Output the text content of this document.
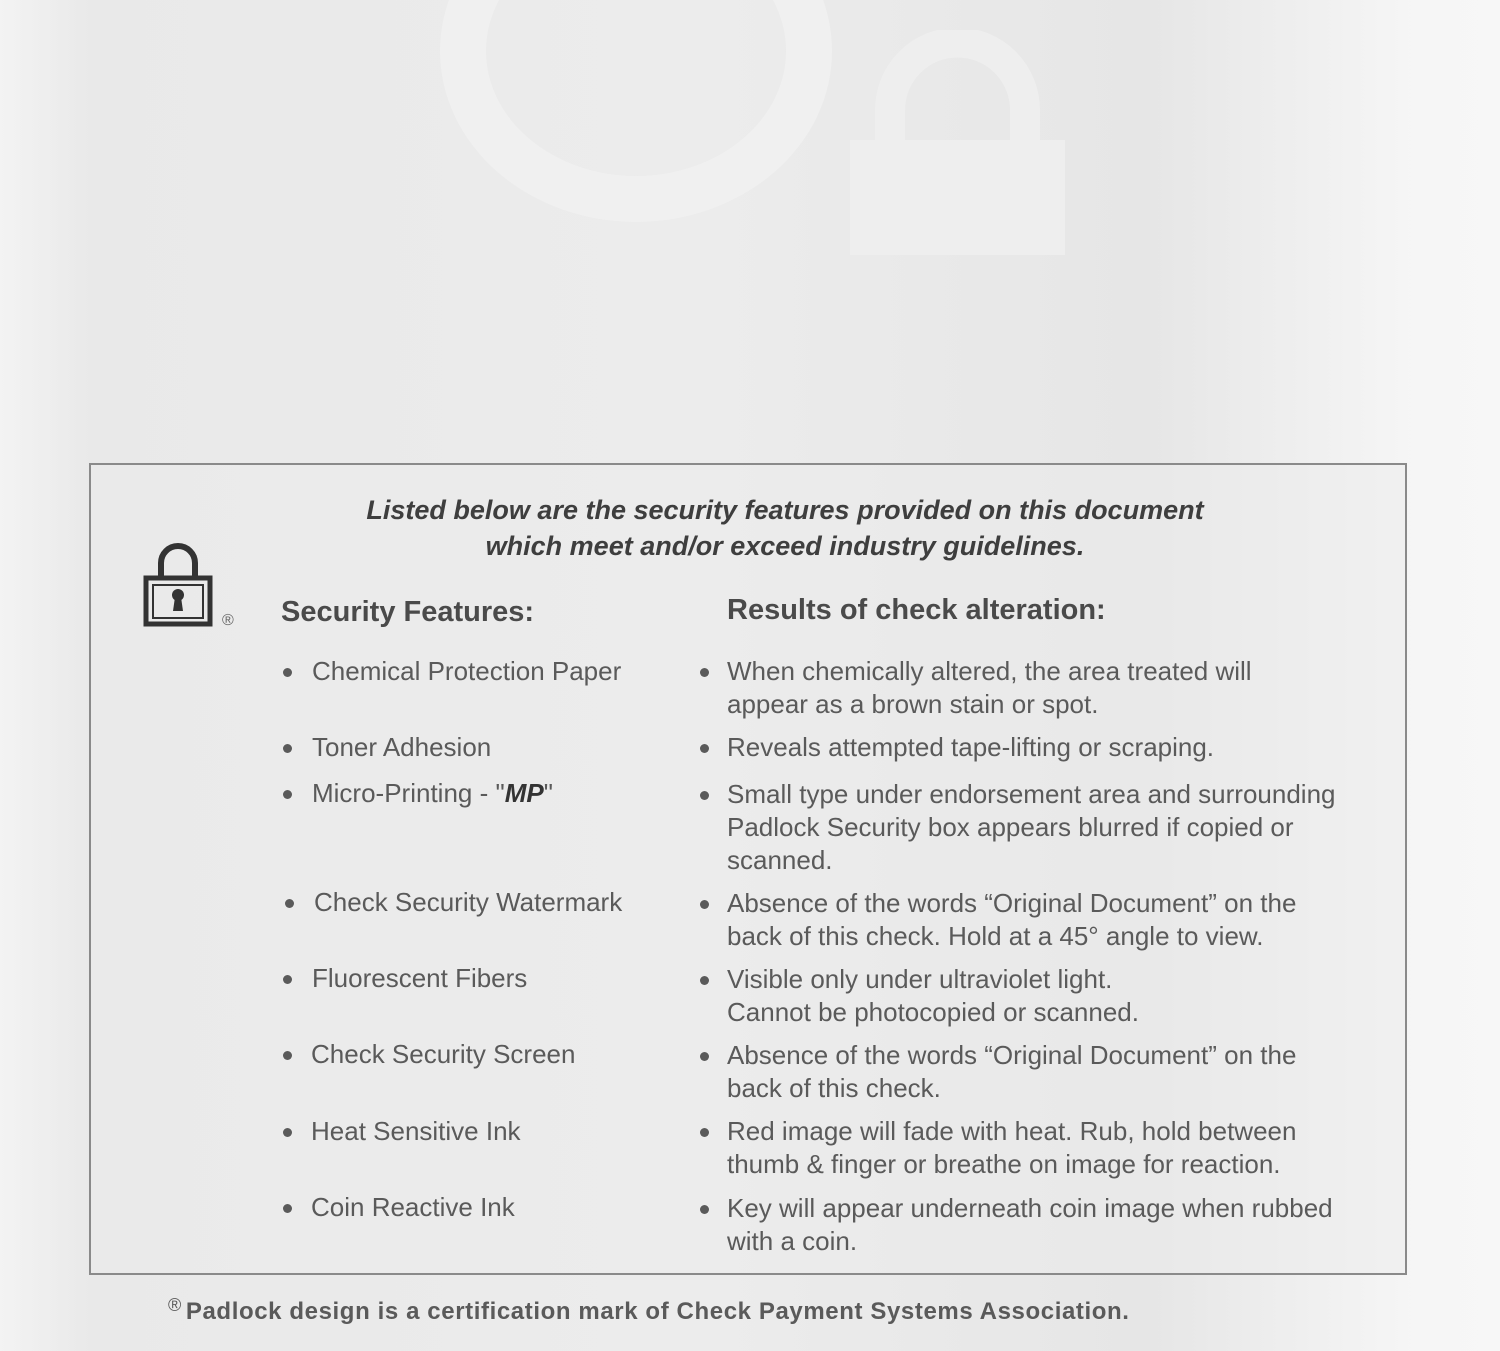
Listed below are the security features provided on this document
which meet and/or exceed industry guidelines.
® Security Features:	Results of check alteration:
Chemical Protection Paper	When chemically altered, the area treated will
appear as a brown stain or spot.
Toner Adhesion	Reveals attempted tape-lifting or scraping.
Micro-Printing - "MP"	Small type under endorsement area and surrounding
Padlock Security box appears blurred if copied or
scanned.
Check Security Watermark	Absence of the words “Original Document” on the
back of this check. Hold at a 45° angle to view.
Fluorescent Fibers	Visible only under ultraviolet light.
Cannot be photocopied or scanned.
Check Security Screen	Absence of the words “Original Document” on the
back of this check.
Heat Sensitive Ink	Red image will fade with heat. Rub, hold between
thumb & finger or breathe on image for reaction.
Coin Reactive Ink	Key will appear underneath coin image when rubbed
with a coin.
® Padlock design is a certification mark of Check Payment Systems Association.
